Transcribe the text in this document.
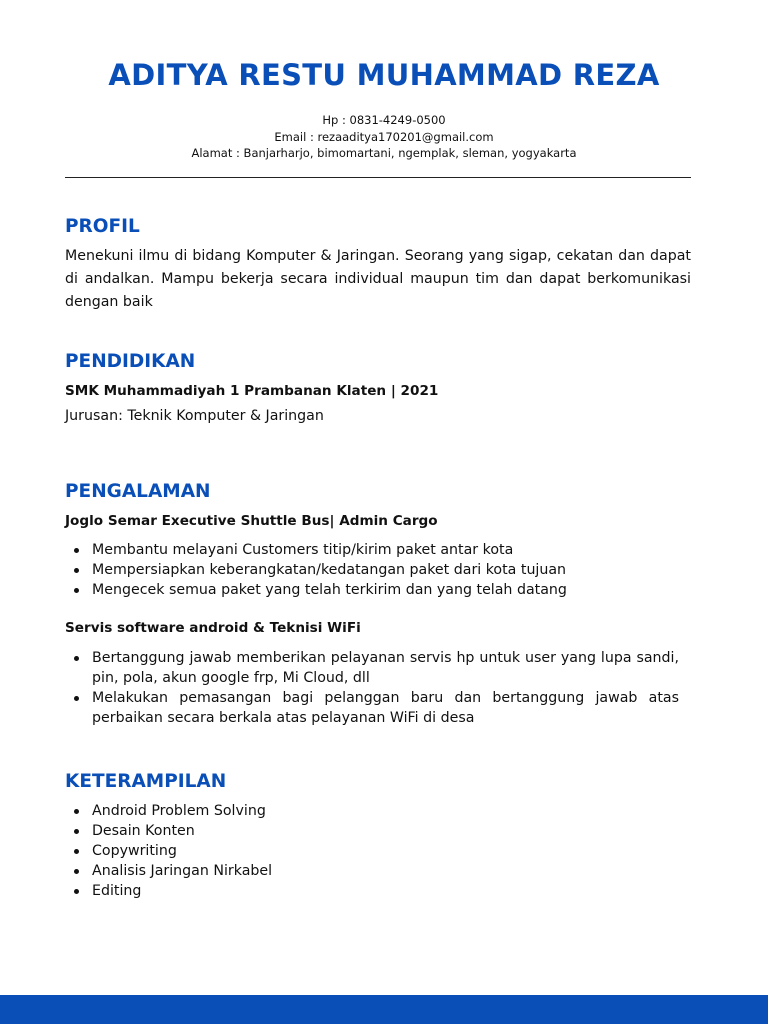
ADITYA RESTU MUHAMMAD REZA
Hp : 0831-4249-0500
Email : rezaaditya170201@gmail.com
Alamat : Banjarharjo, bimomartani, ngemplak, sleman, yogyakarta
PROFIL
Menekuni ilmu di bidang Komputer & Jaringan. Seorang yang sigap, cekatan dan dapat di andalkan. Mampu bekerja secara individual maupun tim dan dapat berkomunikasi dengan baik
PENDIDIKAN
SMK Muhammadiyah 1 Prambanan Klaten | 2021
Jurusan: Teknik Komputer & Jaringan
PENGALAMAN
Joglo Semar Executive Shuttle Bus| Admin Cargo
Membantu melayani Customers titip/kirim paket antar kota
Mempersiapkan keberangkatan/kedatangan paket dari kota tujuan
Mengecek semua paket yang telah terkirim dan yang telah datang
Servis software android & Teknisi WiFi
Bertanggung jawab memberikan pelayanan servis hp untuk user yang lupa sandi, pin, pola, akun google frp, Mi Cloud, dll
Melakukan pemasangan bagi pelanggan baru dan bertanggung jawab atas perbaikan secara berkala atas pelayanan WiFi di desa
KETERAMPILAN
Android Problem Solving
Desain Konten
Copywriting
Analisis Jaringan Nirkabel
Editing
